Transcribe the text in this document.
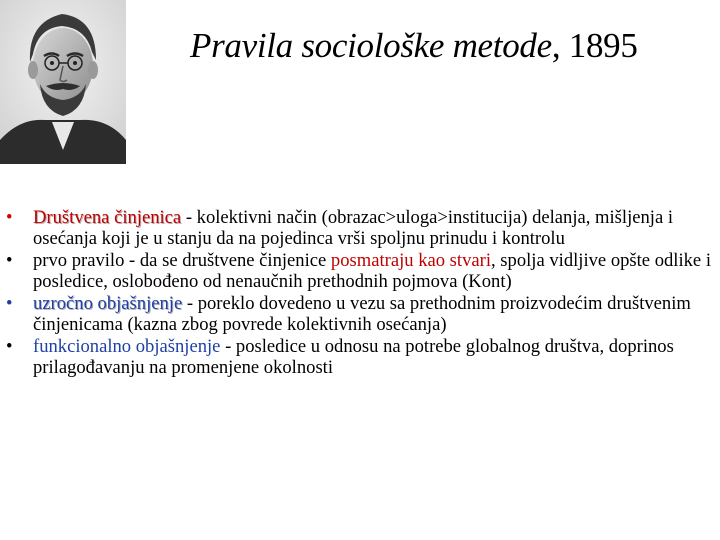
Pravila sociološke metode, 1895
• Društvena činjenica - kolektivni način (obrazac>uloga>institucija) delanja, mišljenja i osećanja koji je u stanju da na pojedinca vrši spoljnu prinudu i kontrolu
• prvo pravilo - da se društvene činjenice posmatraju kao stvari, spolja vidljive opšte odlike i posledice, oslobođeno od nenaučnih prethodnih pojmova (Kont)
• uzročno objašnjenje - poreklo dovedeno u vezu sa prethodnim proizvodećim društvenim činjenicama (kazna zbog povrede kolektivnih osećanja)
• funkcionalno objašnjenje - posledice u odnosu na potrebe globalnog društva, doprinos prilagođavanju na promenjene okolnosti
